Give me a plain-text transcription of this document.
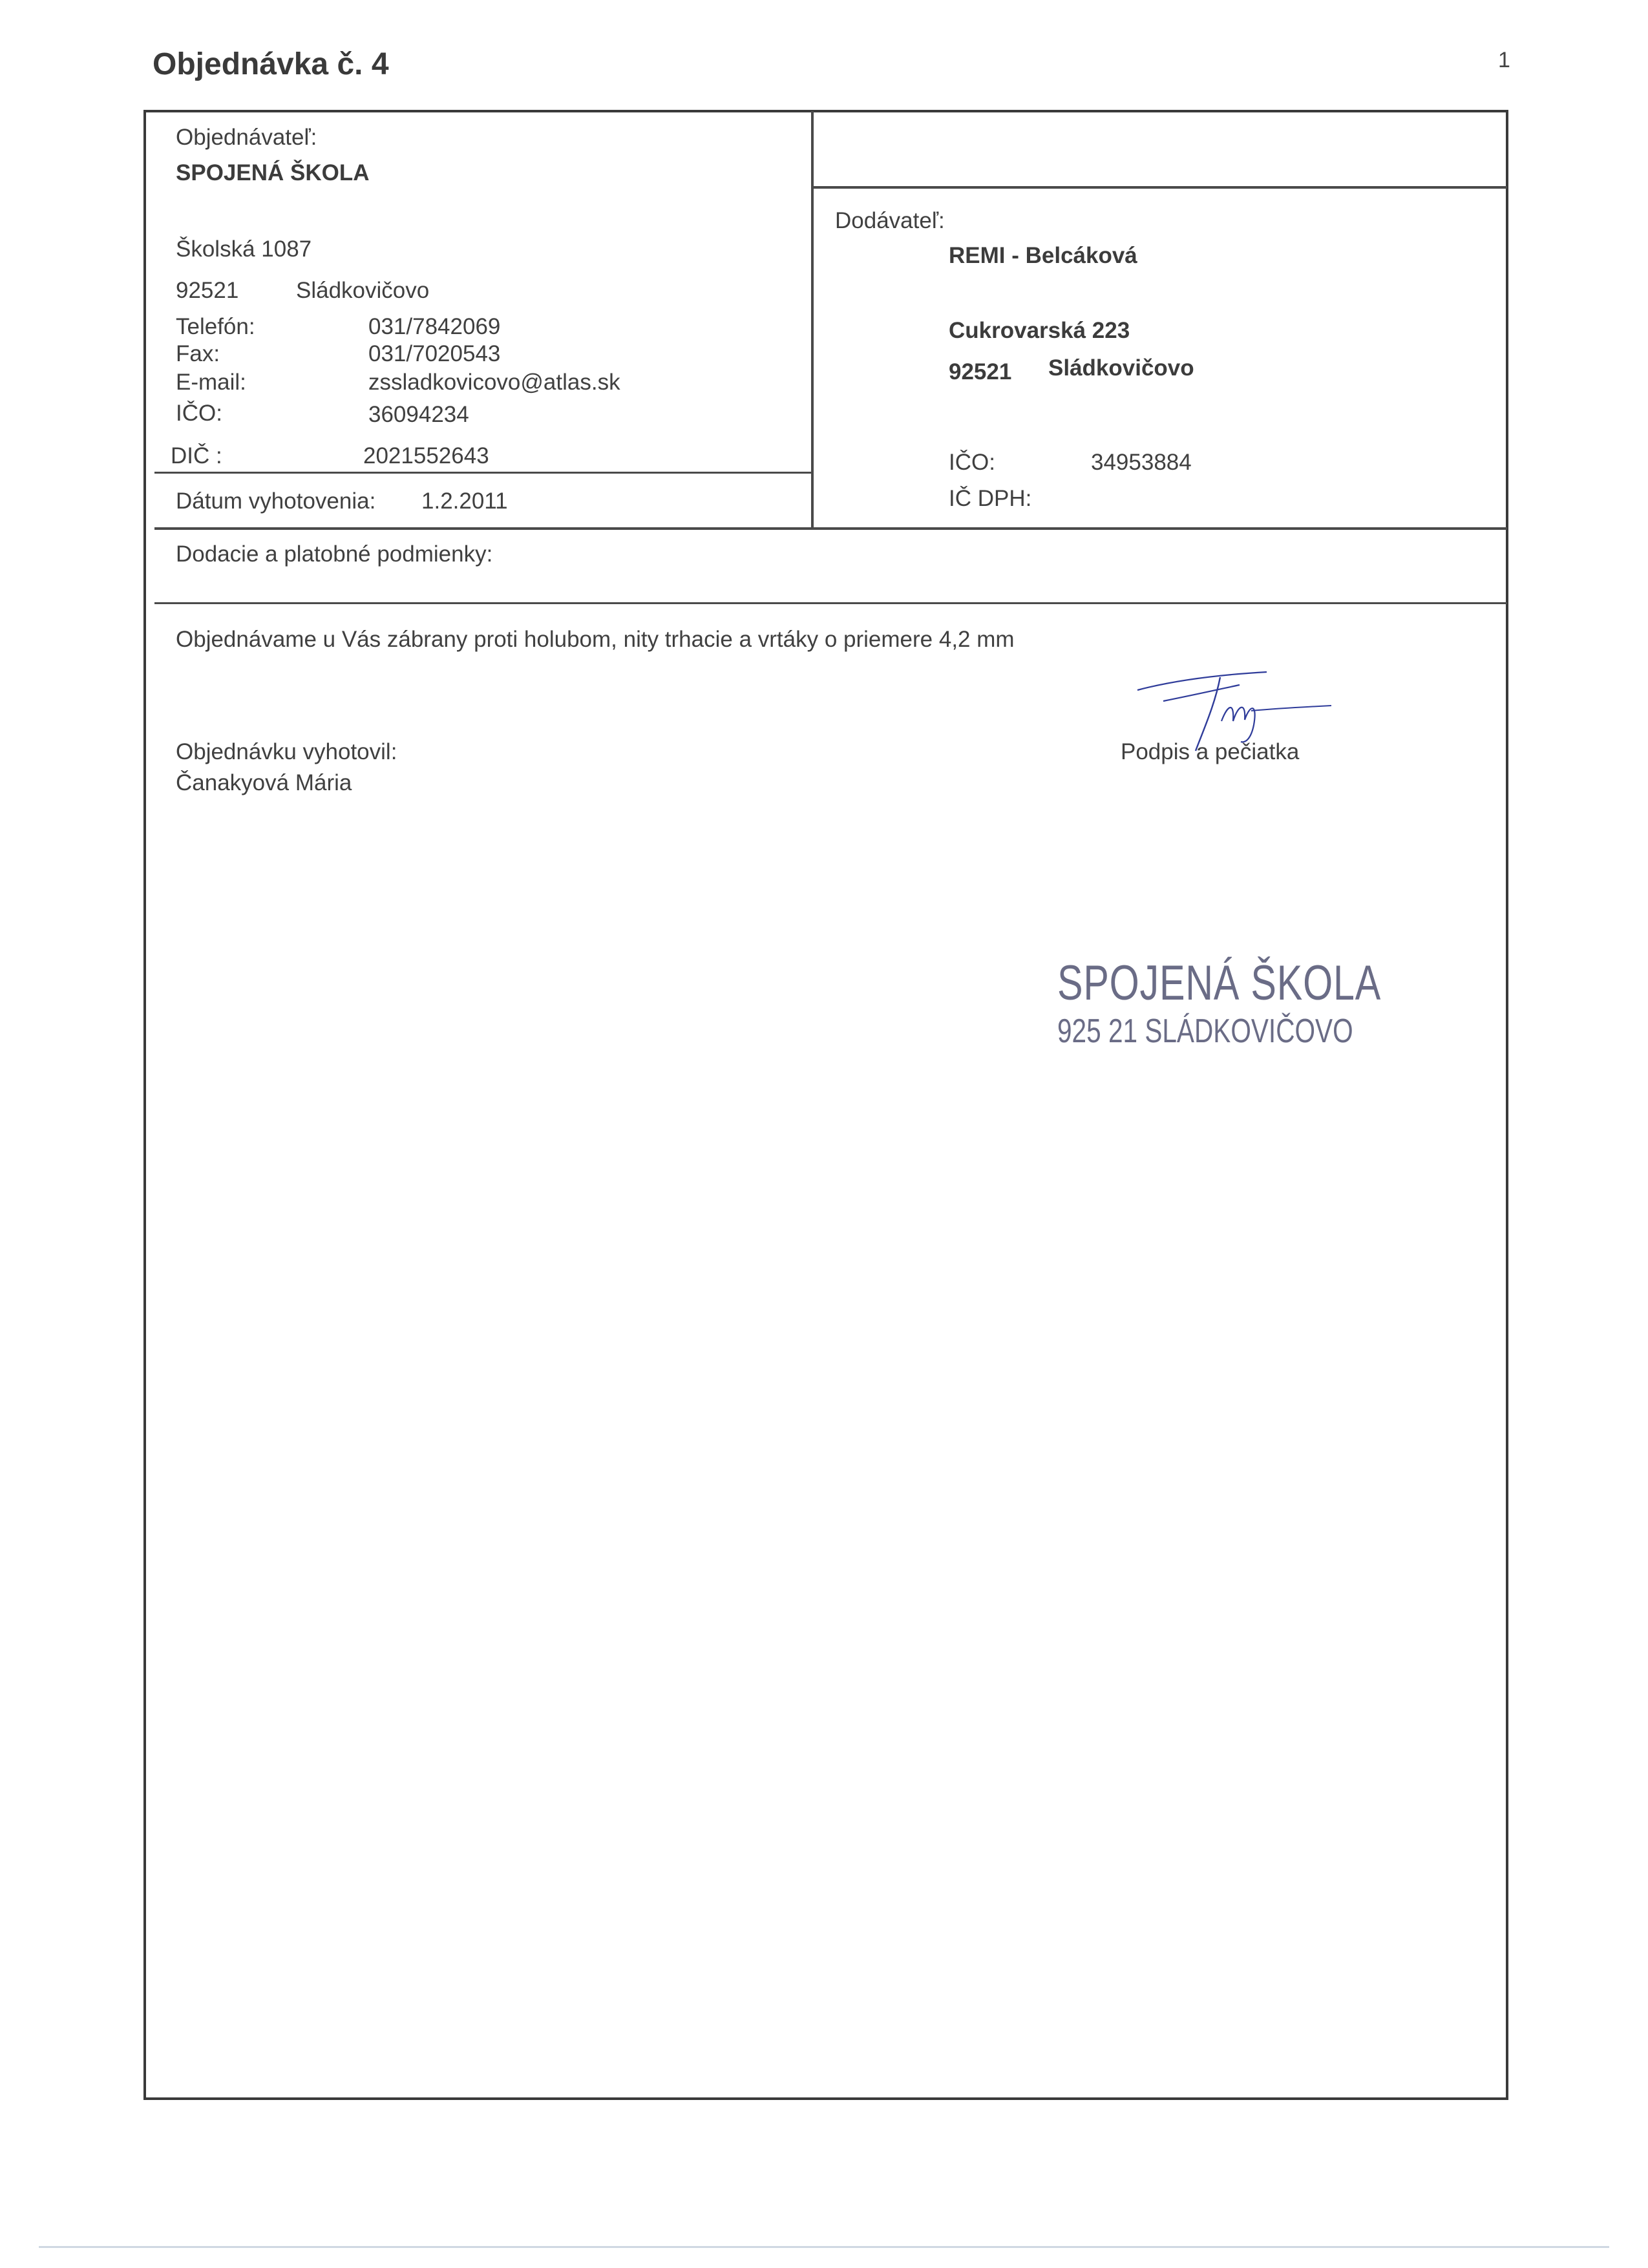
Objednávka č. 4	1
Objednávateľ:
SPOJENÁ ŠKOLA
Školská 1087
92521	Sládkovičovo
Telefón:	031/7842069
Fax:	031/7020543
E-mail:	zssladkovicovo@atlas.sk
IČO:	36094234
DIČ :	2021552643
Dátum vyhotovenia: 1.2.2011
Dodávateľ:
REMI - Belcáková
Cukrovarská 223
92521 Sládkovičovo
IČO:	34953884
IČ DPH:
Dodacie a platobné podmienky:
Objednávame u Vás zábrany proti holubom, nity trhacie a vrtáky o priemere 4,2 mm
Objednávku vyhotovil:
Čanakyová Mária
Podpis a pečiatka
SPOJENÁ ŠKOLA
925 21 SLÁDKOVIČOVO
